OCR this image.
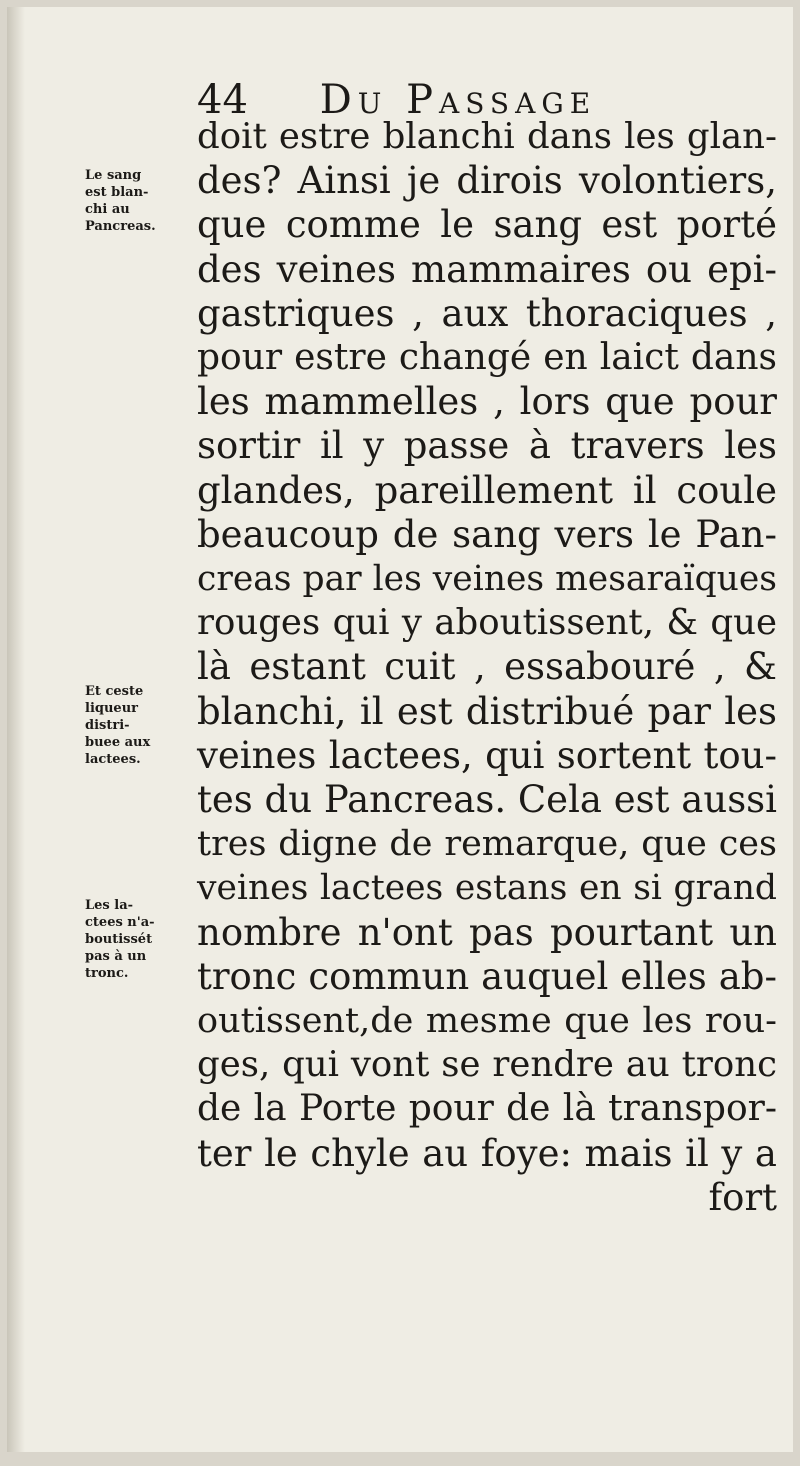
44 Du Passage
Le sang
est blan-
chi au
Pancreas.
Et ceste
liqueur
distri-
buee aux
lactees.
Les la-
ctees n'a-
boutissét
pas à un
tronc.
doit estre blanchi dans les glan-
des? Ainsi je dirois volontiers,
que comme le sang est porté
des veines mammaires ou epi-
gastriques , aux thoraciques ,
pour estre changé en laict dans
les mammelles , lors que pour
sortir il y passe à travers les
glandes, pareillement il coule
beaucoup de sang vers le Pan-
creas par les veines mesaraïques
rouges qui y aboutissent, & que
là estant cuit , essabouré , &
blanchi, il est distribué par les
veines lactees, qui sortent tou-
tes du Pancreas. Cela est aussi
tres digne de remarque, que ces
veines lactees estans en si grand
nombre n'ont pas pourtant un
tronc commun auquel elles ab-
outissent,de mesme que les rou-
ges, qui vont se rendre au tronc
de la Porte pour de là transpor-
ter le chyle au foye: mais il y a
fort
